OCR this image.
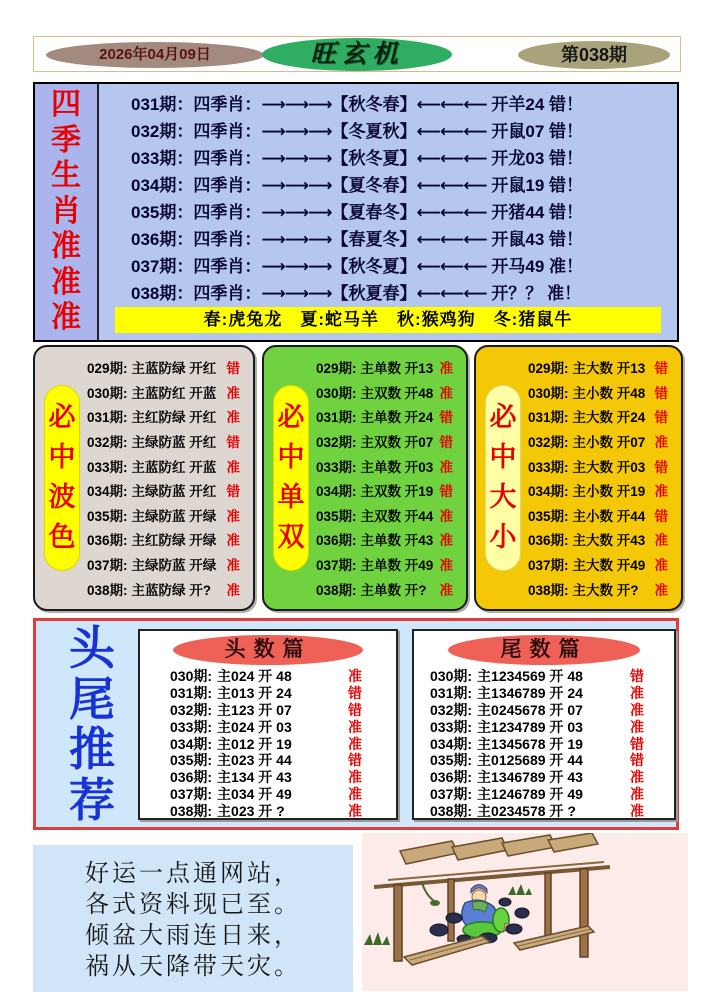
2026年04月09日	旺玄机	第038期
四
季
生
肖
准
准
准
031期：四季肖：⟶⟶⟶【秋冬春】⟵⟵⟵ 开羊24 错！
032期：四季肖：⟶⟶⟶【冬夏秋】⟵⟵⟵ 开鼠07 错！
033期：四季肖：⟶⟶⟶【秋冬夏】⟵⟵⟵ 开龙03 错！
034期：四季肖：⟶⟶⟶【夏冬春】⟵⟵⟵ 开鼠19 错！
035期：四季肖：⟶⟶⟶【夏春冬】⟵⟵⟵ 开猪44 错！
036期：四季肖：⟶⟶⟶【春夏冬】⟵⟵⟵ 开鼠43 错！
037期：四季肖：⟶⟶⟶【秋冬夏】⟵⟵⟵ 开马49 准！
038期：四季肖：⟶⟶⟶【秋夏春】⟵⟵⟵ 开？？ 准！
春:虎兔龙　夏:蛇马羊　秋:猴鸡狗　冬:猪鼠牛
必
中
波
色
029期: 主蓝防绿 开红 错
030期: 主蓝防红 开蓝 准
031期: 主红防绿 开红 准
032期: 主绿防蓝 开红 错
033期: 主蓝防红 开蓝 准
034期: 主绿防蓝 开红 错
035期: 主绿防蓝 开绿 准
036期: 主红防绿 开绿 准
037期: 主绿防蓝 开绿 准
038期: 主蓝防绿 开? 准
必
中
单
双
029期: 主单数 开13 准
030期: 主双数 开48 准
031期: 主单数 开24 错
032期: 主双数 开07 错
033期: 主单数 开03 准
034期: 主双数 开19 错
035期: 主双数 开44 准
036期: 主单数 开43 准
037期: 主单数 开49 准
038期: 主单数 开? 准
必
中
大
小
029期: 主大数 开13 错
030期: 主小数 开48 错
031期: 主大数 开24 错
032期: 主小数 开07 准
033期: 主大数 开03 错
034期: 主小数 开19 准
035期: 主小数 开44 错
036期: 主大数 开43 准
037期: 主大数 开49 准
038期: 主大数 开? 准
头
尾
推
荐
头数篇
030期: 主024 开 48	准
031期: 主013 开 24	错
032期: 主123 开 07	错
033期: 主024 开 03	准
034期: 主012 开 19	准
035期: 主023 开 44	错
036期: 主134 开 43	准
037期: 主034 开 49	准
038期: 主023 开 ?	准
尾数篇
030期: 主1234569 开 48	错
031期: 主1346789 开 24	准
032期: 主0245678 开 07	准
033期: 主1234789 开 03	准
034期: 主1345678 开 19	错
035期: 主0125689 开 44	错
036期: 主1346789 开 43	准
037期: 主1246789 开 49	准
038期: 主0234578 开 ?	准
好运一点通网站，
各式资料现已至。
倾盆大雨连日来，
祸从天降带天灾。
